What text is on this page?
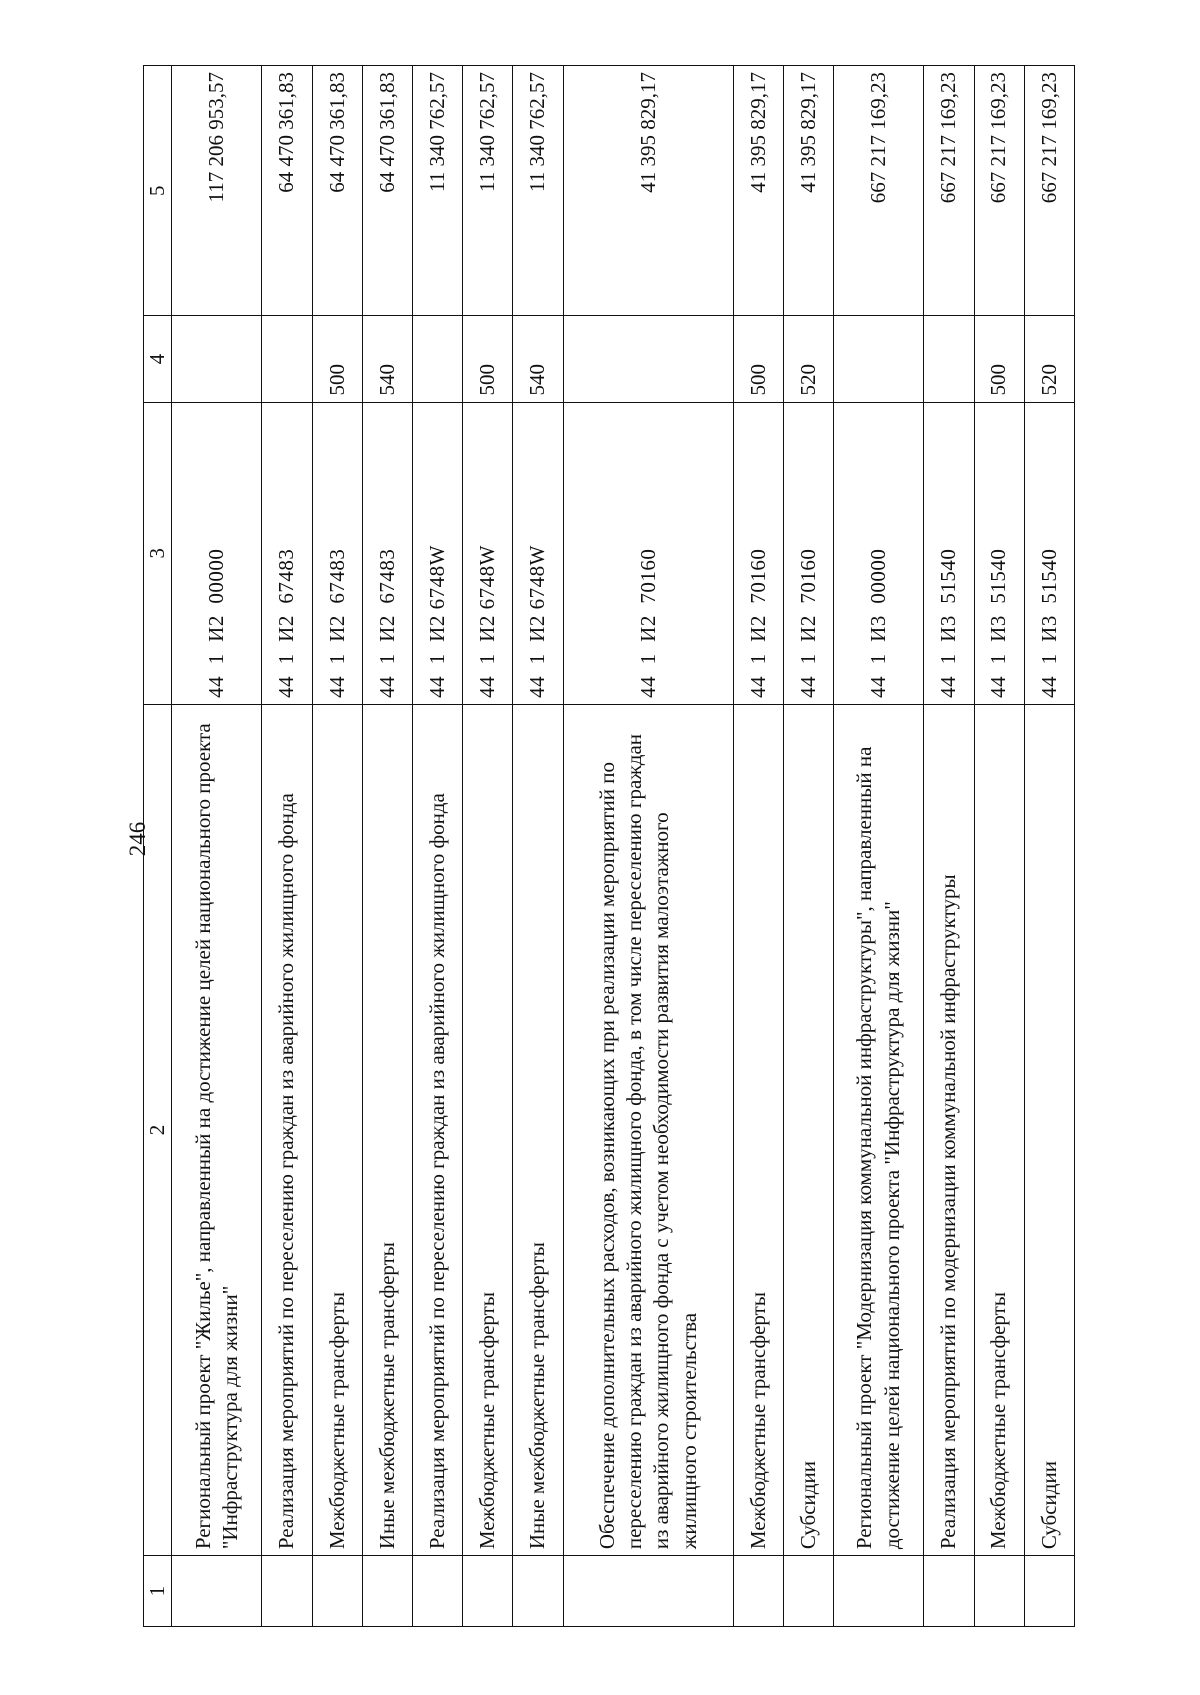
246
1	2	3	4	5
	Региональный проект "Жилье", направленный на достижение целей национального проекта "Инфраструктура для жизни"	44  1  И2  00000		117 206 953,57
	Реализация мероприятий по переселению граждан из аварийного жилищного фонда	44  1  И2  67483		64 470 361,83
	Межбюджетные трансферты	44  1  И2  67483	500	64 470 361,83
	Иные межбюджетные трансферты	44  1  И2  67483	540	64 470 361,83
	Реализация мероприятий по переселению граждан из аварийного жилищного фонда	44  1  И2 6748W		11 340 762,57
	Межбюджетные трансферты	44  1  И2 6748W	500	11 340 762,57
	Иные межбюджетные трансферты	44  1  И2 6748W	540	11 340 762,57
	Обеспечение дополнительных расходов, возникающих при реализации мероприятий по переселению граждан из аварийного жилищного фонда, в том числе переселению граждан из аварийного жилищного фонда с учетом необходимости развития малоэтажного жилищного строительства	44  1  И2  70160		41 395 829,17
	Межбюджетные трансферты	44  1  И2  70160	500	41 395 829,17
	Субсидии	44  1  И2  70160	520	41 395 829,17
	Региональный проект "Модернизация коммунальной инфраструктуры", направленный на достижение целей национального проекта "Инфраструктура для жизни"	44  1  И3  00000		667 217 169,23
	Реализация мероприятий по модернизации коммунальной инфраструктуры	44  1  И3  51540		667 217 169,23
	Межбюджетные трансферты	44  1  И3  51540	500	667 217 169,23
	Субсидии	44  1  И3  51540	520	667 217 169,23
